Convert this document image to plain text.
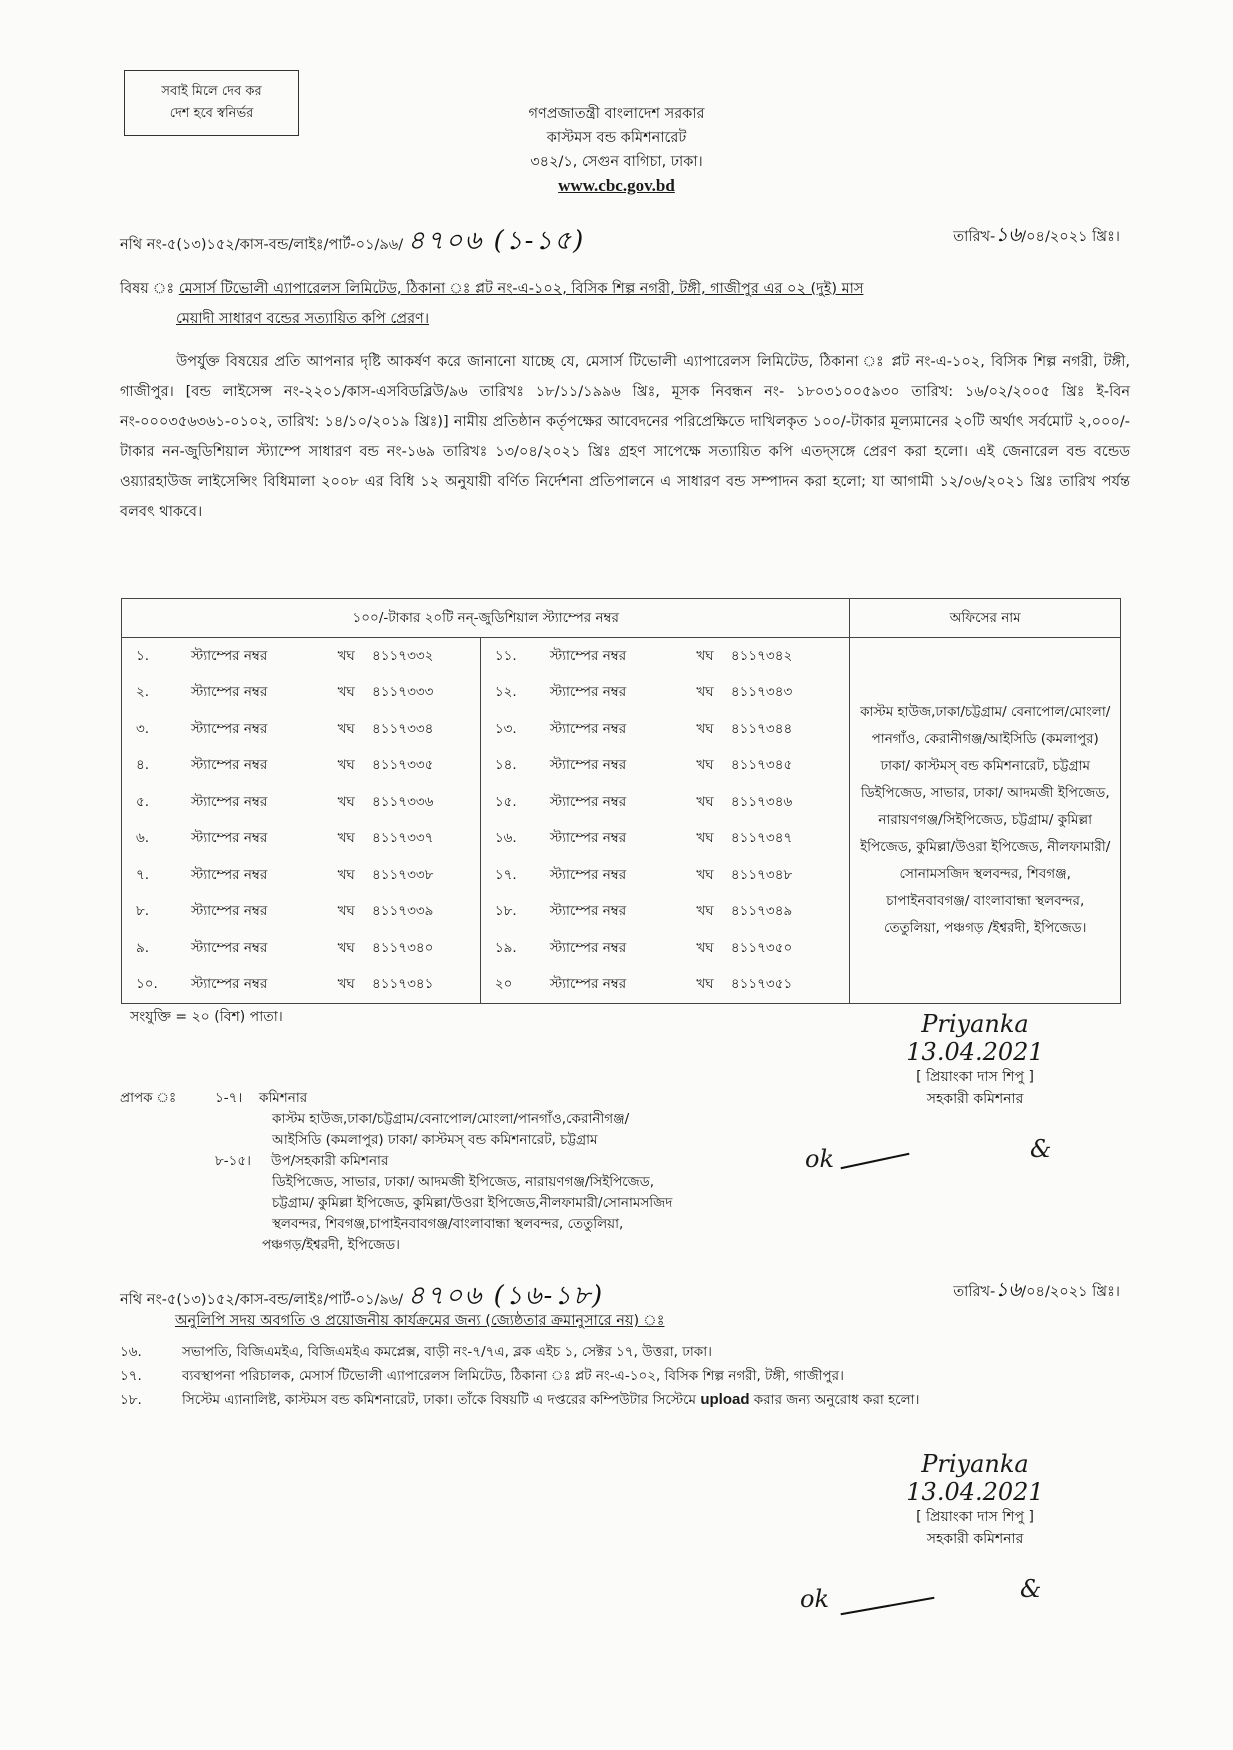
সবাই মিলে দেব কর
দেশ হবে স্বনির্ভর	গণপ্রজাতন্ত্রী বাংলাদেশ সরকার
কাস্টমস বন্ড কমিশনারেট
৩৪২/১, সেগুন বাগিচা, ঢাকা।
www.cbc.gov.bd
নথি নং-৫(১৩)১৫২/কাস-বন্ড/লাইঃ/পার্ট-০১/৯৬/ ৪৭০৬ (১-১৫)	তারিখ-১৬/০৪/২০২১ খ্রিঃ।
বিষয় ঃ মেসার্স টিভোলী এ্যাপারেলস লিমিটেড, ঠিকানা ঃ প্লট নং-এ-১০২, বিসিক শিল্প নগরী, টঙ্গী, গাজীপুর এর ০২ (দুই) মাস
মেয়াদী সাধারণ বন্ডের সত্যায়িত কপি প্রেরণ।

উপর্যুক্ত বিষয়ের প্রতি আপনার দৃষ্টি আকর্ষণ করে জানানো যাচ্ছে যে, মেসার্স টিভোলী এ্যাপারেলস লিমিটেড, ঠিকানা ঃ প্লট নং-এ-১০২, বিসিক শিল্প নগরী, টঙ্গী, গাজীপুর। [বন্ড লাইসেন্স নং-২২০১/কাস-এসবিডব্লিউ/৯৬ তারিখঃ ১৮/১১/১৯৯৬ খ্রিঃ, মূসক নিবন্ধন নং- ১৮০৩১০০৫৯৩০ তারিখ: ১৬/০২/২০০৫ খ্রিঃ ই-বিন নং-০০০৩৫৬৩৬১-০১০২, তারিখ: ১৪/১০/২০১৯ খ্রিঃ)] নামীয় প্রতিষ্ঠান কর্তৃপক্ষের আবেদনের পরিপ্রেক্ষিতে দাখিলকৃত ১০০/-টাকার মূল্যমানের ২০টি অর্থাৎ সর্বমোট ২,০০০/-টাকার নন-জুডিশিয়াল স্ট্যাম্পে সাধারণ বন্ড নং-১৬৯ তারিখঃ ১৩/০৪/২০২১ খ্রিঃ গ্রহণ সাপেক্ষে সত্যায়িত কপি এতদ্সঙ্গে প্রেরণ করা হলো। এই জেনারেল বন্ড বন্ডেড ওয়্যারহাউজ লাইসেন্সিং বিধিমালা ২০০৮ এর বিধি ১২ অনুযায়ী বর্ণিত নির্দেশনা প্রতিপালনে এ সাধারণ বন্ড সম্পাদন করা হলো; যা আগামী ১২/০৬/২০২১ খ্রিঃ তারিখ পর্যন্ত বলবৎ থাকবে।

১০০/-টাকার ২০টি নন্-জুডিশিয়াল স্ট্যাম্পের নম্বর									অফিসের নাম
১.	স্ট্যাম্পের নম্বর	খঘ	৪১১৭৩৩২	১১.	স্ট্যাম্পের নম্বর	খঘ	৪১১৭৩৪২		কাস্টম হাউজ,ঢাকা/চট্টগ্রাম/ বেনাপোল/মোংলা/ পানগাঁও, কেরানীগঞ্জ/আইসিডি (কমলাপুর) ঢাকা/ কাস্টমস্ বন্ড কমিশনারেট, চট্টগ্রাম ডিইপিজেড, সাভার, ঢাকা/ আদমজী ইপিজেড, নারায়ণগঞ্জ/সিইপিজেড, চট্টগ্রাম/ কুমিল্লা ইপিজেড, কুমিল্লা/উওরা ইপিজেড, নীলফামারী/সোনামসজিদ স্থলবন্দর, শিবগঞ্জ, চাপাইনবাবগঞ্জ/ বাংলাবান্ধা স্থলবন্দর, তেতুলিয়া, পঞ্চগড় /ইশ্বরদী, ইপিজেড।
২.	স্ট্যাম্পের নম্বর	খঘ	৪১১৭৩৩৩	১২.	স্ট্যাম্পের নম্বর	খঘ	৪১১৭৩৪৩		
৩.	স্ট্যাম্পের নম্বর	খঘ	৪১১৭৩৩৪	১৩.	স্ট্যাম্পের নম্বর	খঘ	৪১১৭৩৪৪		
৪.	স্ট্যাম্পের নম্বর	খঘ	৪১১৭৩৩৫	১৪.	স্ট্যাম্পের নম্বর	খঘ	৪১১৭৩৪৫		
৫.	স্ট্যাম্পের নম্বর	খঘ	৪১১৭৩৩৬	১৫.	স্ট্যাম্পের নম্বর	খঘ	৪১১৭৩৪৬		
৬.	স্ট্যাম্পের নম্বর	খঘ	৪১১৭৩৩৭	১৬.	স্ট্যাম্পের নম্বর	খঘ	৪১১৭৩৪৭		
৭.	স্ট্যাম্পের নম্বর	খঘ	৪১১৭৩৩৮	১৭.	স্ট্যাম্পের নম্বর	খঘ	৪১১৭৩৪৮		
৮.	স্ট্যাম্পের নম্বর	খঘ	৪১১৭৩৩৯	১৮.	স্ট্যাম্পের নম্বর	খঘ	৪১১৭৩৪৯		
৯.	স্ট্যাম্পের নম্বর	খঘ	৪১১৭৩৪০	১৯.	স্ট্যাম্পের নম্বর	খঘ	৪১১৭৩৫০		
১০.	স্ট্যাম্পের নম্বর	খঘ	৪১১৭৩৪১	২০	স্ট্যাম্পের নম্বর	খঘ	৪১১৭৩৫১		
সংযুক্তি = ২০ (বিশ) পাতা।	Priyanka
13.04.2021
[ প্রিয়াংকা দাস শিপু ]
সহকারী কমিশনার
ok	&
প্রাপক ঃ	১-৭।	কমিশনার
কাস্টম হাউজ,ঢাকা/চট্টগ্রাম/বেনাপোল/মোংলা/পানগাঁও,কেরানীগঞ্জ/
আইসিডি (কমলাপুর) ঢাকা/ কাস্টমস্ বন্ড কমিশনারেট, চট্টগ্রাম
৮-১৫।	উপ/সহকারী কমিশনার
ডিইপিজেড, সাভার, ঢাকা/ আদমজী ইপিজেড, নারায়ণগঞ্জ/সিইপিজেড,
চট্টগ্রাম/ কুমিল্লা ইপিজেড, কুমিল্লা/উওরা ইপিজেড,নীলফামারী/সোনামসজিদ
স্থলবন্দর, শিবগঞ্জ,চাপাইনবাবগঞ্জ/বাংলাবান্ধা স্থলবন্দর, তেতুলিয়া,
পঞ্চগড়/ইশ্বরদী, ইপিজেড।
নথি নং-৫(১৩)১৫২/কাস-বন্ড/লাইঃ/পার্ট-০১/৯৬/ ৪৭০৬ (১৬-১৮)	তারিখ-১৬/০৪/২০২১ খ্রিঃ।
অনুলিপি সদয় অবগতি ও প্রয়োজনীয় কার্যক্রমের জন্য (জ্যেষ্ঠতার ক্রমানুসারে নয়) ঃ
১৬.	সভাপতি, বিজিএমইএ, বিজিএমইএ কমপ্লেক্স, বাড়ী নং-৭/৭এ, ব্লক এইচ ১, সেক্টর ১৭, উত্তরা, ঢাকা।
১৭.	ব্যবস্থাপনা পরিচালক, মেসার্স টিভোলী এ্যাপারেলস লিমিটেড, ঠিকানা ঃ প্লট নং-এ-১০২, বিসিক শিল্প নগরী, টঙ্গী, গাজীপুর।
১৮.	সিস্টেম এ্যানালিষ্ট, কাস্টমস বন্ড কমিশনারেট, ঢাকা। তাঁকে বিষয়টি এ দপ্তরের কম্পিউটার সিস্টেমে upload করার জন্য অনুরোধ করা হলো।
Priyanka
13.04.2021
[ প্রিয়াংকা দাস শিপু ]
সহকারী কমিশনার
ok	&
